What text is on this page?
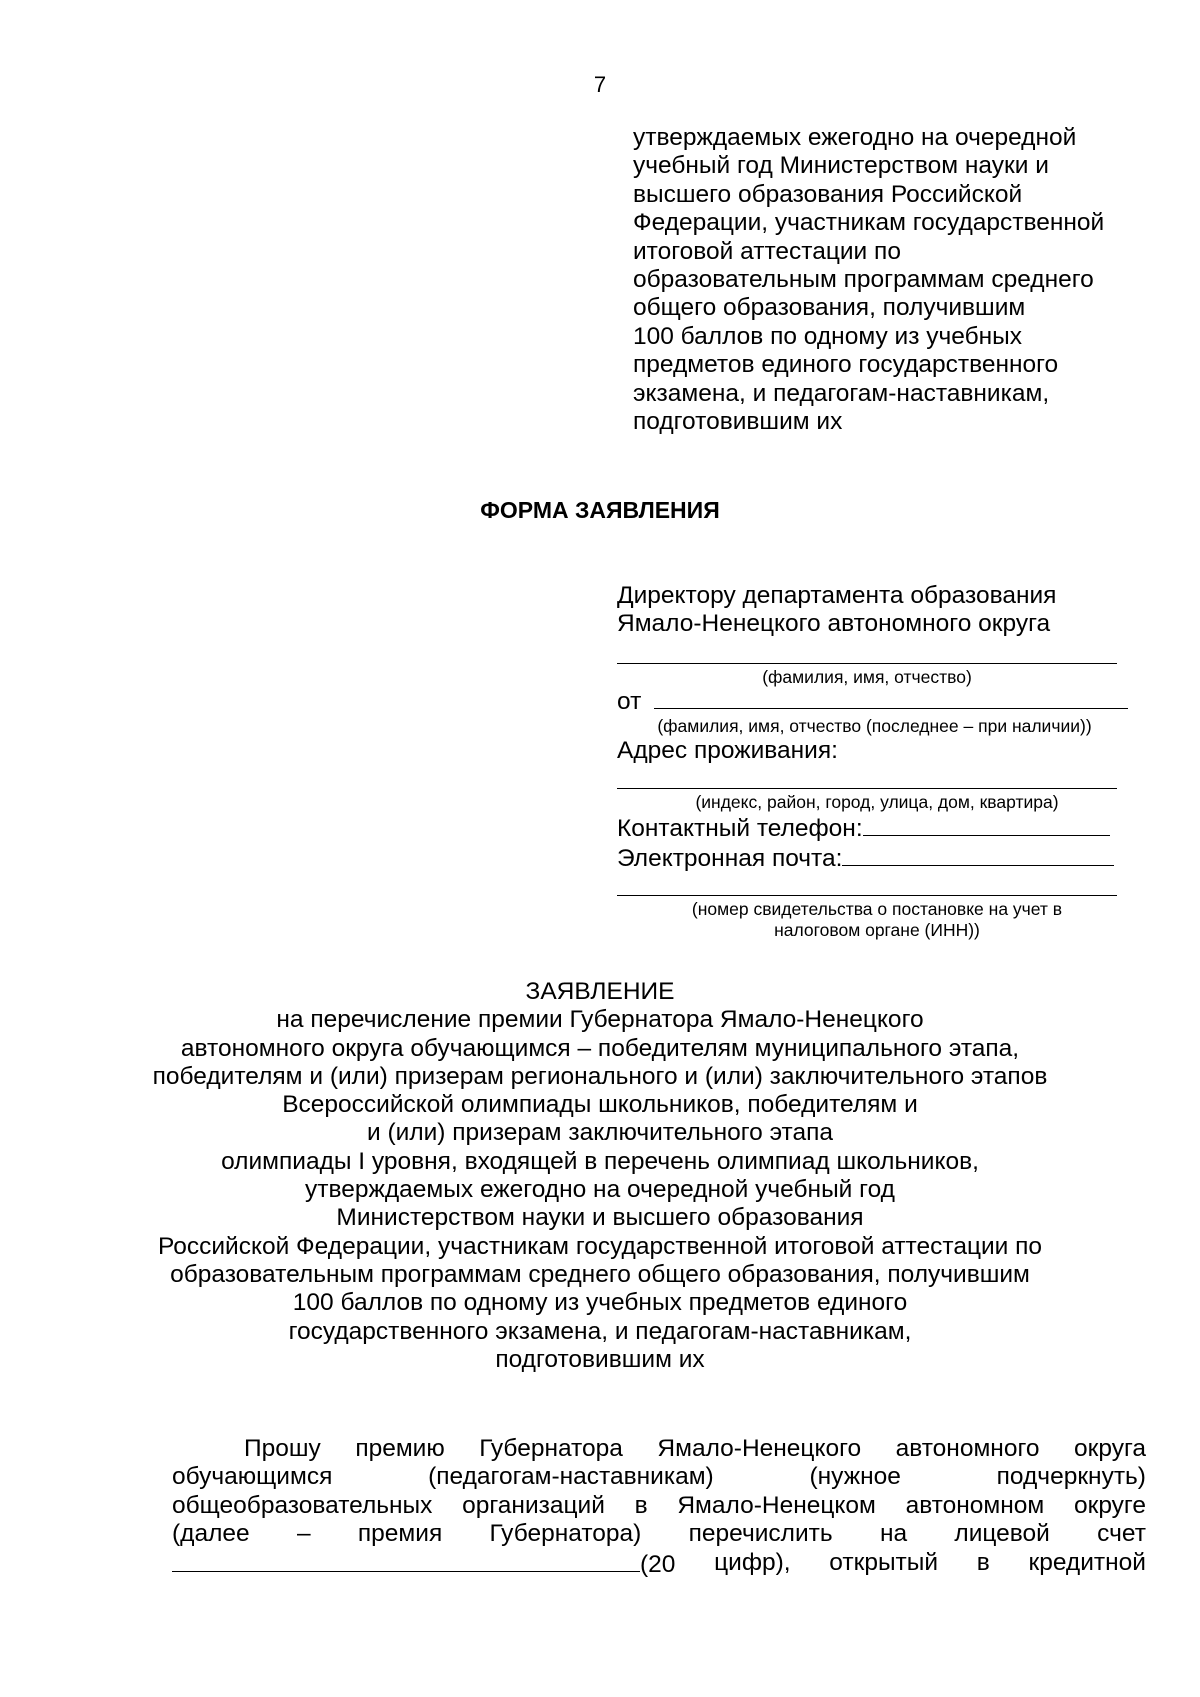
7
утверждаемых ежегодно на очередной
учебный год Министерством науки и
высшего образования Российской
Федерации, участникам государственной
итоговой аттестации по
образовательным программам среднего
общего образования, получившим
100 баллов по одному из учебных
предметов единого государственного
экзамена, и педагогам-наставникам,
подготовившим их
ФОРМА ЗАЯВЛЕНИЯ
Директору департамента образования
Ямало-Ненецкого автономного округа
(фамилия, имя, отчество)
от
(фамилия, имя, отчество (последнее – при наличии))
Адрес проживания:
(индекс, район, город, улица, дом, квартира)
Контактный телефон:
Электронная почта:
(номер свидетельства о постановке на учет в
налоговом органе (ИНН))
ЗАЯВЛЕНИЕ
на перечисление премии Губернатора Ямало-Ненецкого
автономного округа обучающимся – победителям муниципального этапа,
победителям и (или) призерам регионального и (или) заключительного этапов
Всероссийской олимпиады школьников, победителям и
и (или) призерам заключительного этапа
олимпиады I уровня, входящей в перечень олимпиад школьников,
утверждаемых ежегодно на очередной учебный год
Министерством науки и высшего образования
Российской Федерации, участникам государственной итоговой аттестации по
образовательным программам среднего общего образования, получившим
100 баллов по одному из учебных предметов единого
государственного экзамена, и педагогам-наставникам,
подготовившим их
Прошу премию Губернатора Ямало-Ненецкого автономного округа
обучающимся	(педагогам-наставникам)	(нужное	подчеркнуть)
общеобразовательных организаций в Ямало-Ненецком автономном округе
(далее – премия Губернатора) перечислить на лицевой счет
(20 цифр), открытый в кредитной
